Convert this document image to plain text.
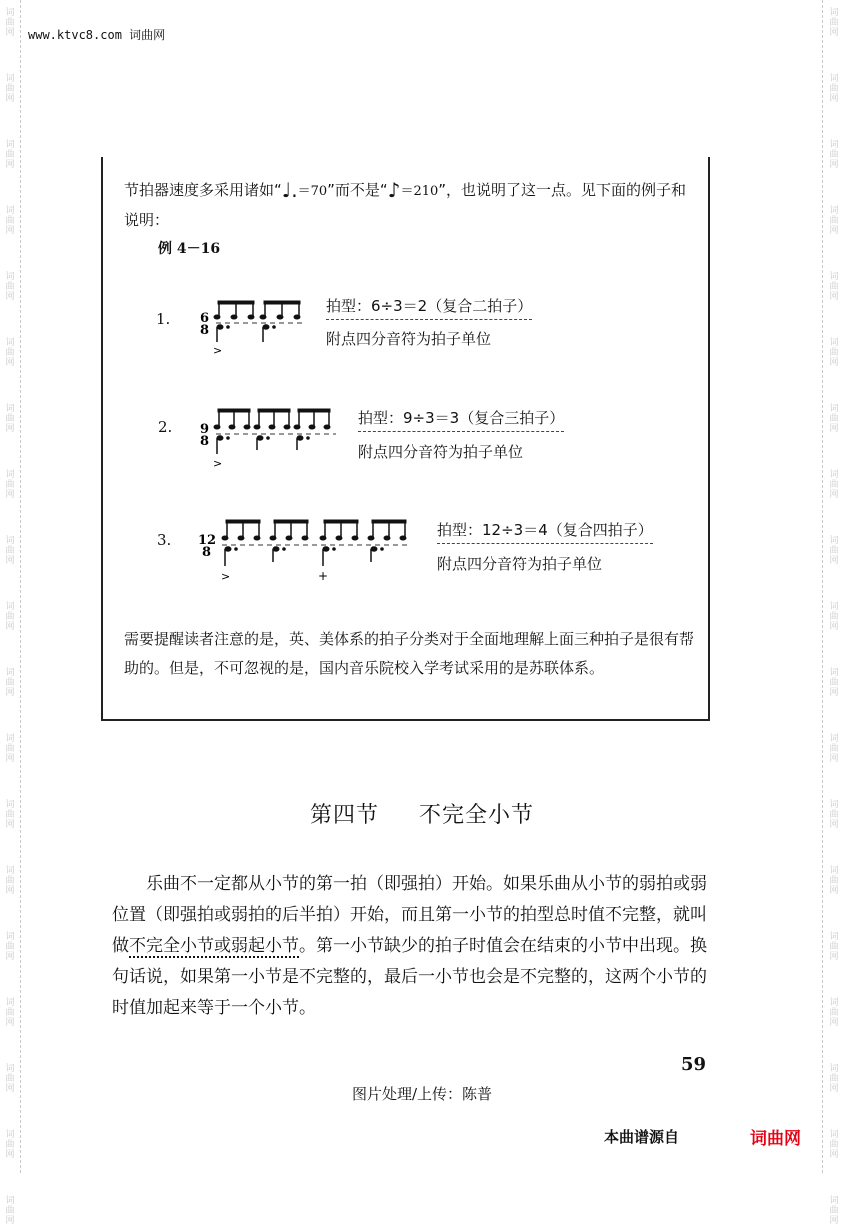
词
曲
网
词
曲
网
词
曲
网
词
曲
网
词
曲
网
词
曲
网
词
曲
网
词
曲
网
词
曲
网
词
曲
网
词
曲
网
词
曲
网
词
曲
网
词
曲
网
词
曲
网
词
曲
网
词
曲
网
词
曲
网
词
曲
网
词
曲
网
词
曲
网
词
曲
网
词
曲
网
词
曲
网
词
曲
网
词
曲
网
词
曲
网
词
曲
网
词
曲
网
词
曲
网
词
曲
网
词
曲
网
词
曲
网
词
曲
网
词
曲
网
词
曲
网
词
曲
网
词
曲
网
www.ktvc8.com 词曲网
节拍器速度多采用诸如“♩.＝70”而不是“♪＝210”，也说明了这一点。见下面的例子和说明：
例 4－16
1. 6
8
>
拍型：6÷3＝2（复合二拍子）
附点四分音符为拍子单位
2. 9
8
>
拍型：9÷3＝3（复合三拍子）
附点四分音符为拍子单位
3. 12
8
>	+
拍型：12÷3＝4（复合四拍子）
附点四分音符为拍子单位
需要提醒读者注意的是，英、美体系的拍子分类对于全面地理解上面三种拍子是很有帮助的。但是，不可忽视的是，国内音乐院校入学考试采用的是苏联体系。
第四节 不完全小节

乐曲不一定都从小节的第一拍（即强拍）开始。如果乐曲从小节的弱拍或弱位置（即强拍或弱拍的后半拍）开始，而且第一小节的拍型总时值不完整，就叫做不完全小节或弱起小节。第一小节缺少的拍子时值会在结束的小节中出现。换句话说，如果第一小节是不完整的，最后一小节也会是不完整的，这两个小节的时值加起来等于一个小节。

59
图片处理/上传：陈普
本曲谱源自	词曲网
